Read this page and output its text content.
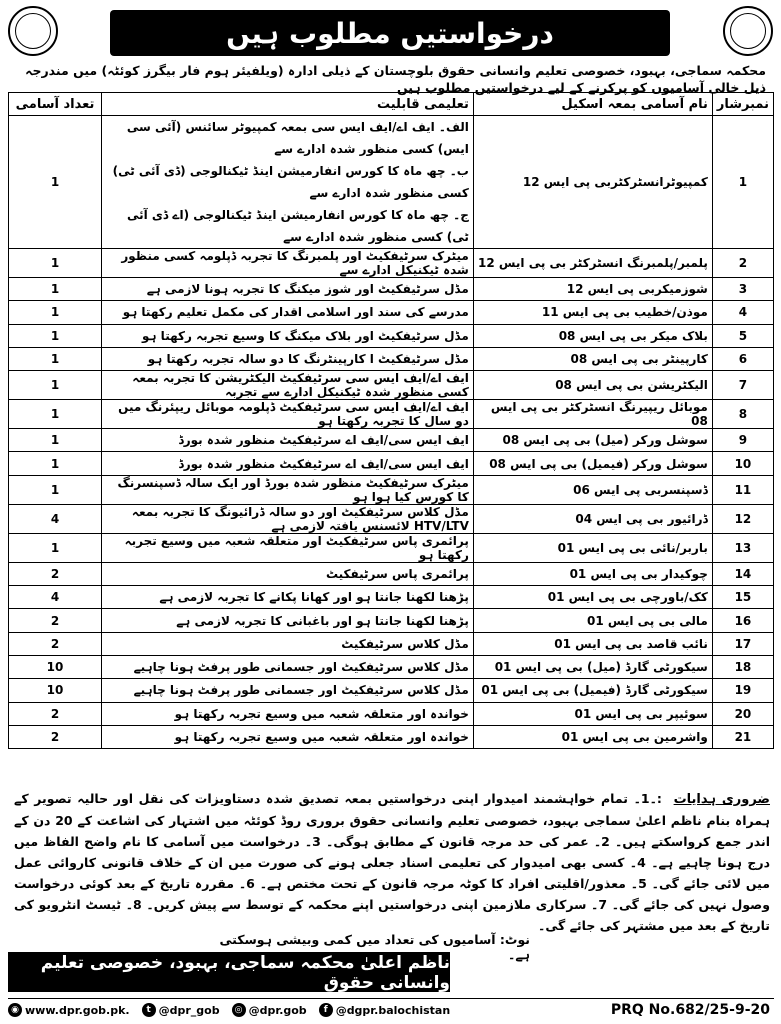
درخواستیں مطلوب ہیں
محکمہ سماجی، بہبود، خصوصی تعلیم وانسانی حقوق بلوچستان کے ذیلی ادارہ (ویلفیئر ہوم فار بیگرز کوئٹہ) میں مندرجہ ذیل خالی آسامیوں کو پرکرنے کے لیے درخواستیں مطلوب ہیں
نمبرشار	نام آسامی بمعہ اسکیل	تعلیمی قابلیت	تعداد آسامی
1	کمپیوٹرانسٹرکٹربی پی ایس 12	الف۔ ایف اے/ایف ایس سی بمعہ کمپیوٹر سائنس (آئی سی ایس) کسی منظور شدہ ادارے سے
ب۔ چھ ماہ کا کورس انفارمیشن اینڈ ٹیکنالوجی (ڈی آئی ٹی) کسی منظور شدہ ادارے سے
ج۔ چھ ماہ کا کورس انفارمیشن اینڈ ٹیکنالوجی (اے ڈی آئی ٹی) کسی منظور شدہ ادارے سے	1
2	پلمبر/پلمبرنگ انسٹرکٹر بی پی ایس 12	میٹرک سرٹیفکیٹ اور پلمبرنگ کا تجربہ ڈپلومہ کسی منظور شدہ ٹیکنیکل ادارے سے	1
3	شوزمیکربی پی ایس 12	مڈل سرٹیفکیٹ اور شوز میکنگ کا تجربہ ہونا لازمی ہے	1
4	موذن/خطیب بی پی ایس 11	مدرسے کی سند اور اسلامی اقدار کی مکمل تعلیم رکھتا ہو	1
5	بلاک میکر بی پی ایس 08	مڈل سرٹیفکیٹ اور بلاک میکنگ کا وسیع تجربہ رکھتا ہو	1
6	کارپینٹر بی پی ایس 08	مڈل سرٹیفکیٹ ا کارپینٹرنگ کا دو سالہ تجربہ رکھتا ہو	1
7	الیکٹریشن بی پی ایس 08	ایف اے/ایف ایس سی سرٹیفکیٹ الیکٹریشن کا تجربہ بمعہ کسی منظور شدہ ٹیکنیکل ادارے سے تجربہ	1
8	موبائل ریپیرنگ انسٹرکٹر بی پی ایس 08	ایف اے/ایف ایس سی سرٹیفکیٹ ڈپلومہ موبائل ریپئرنگ میں دو سال کا تجربہ رکھتا ہو	1
9	سوشل ورکر (میل) بی پی ایس 08	ایف ایس سی/ایف اے سرٹیفکیٹ منظور شدہ بورڈ	1
10	سوشل ورکر (فیمیل) بی پی ایس 08	ایف ایس سی/ایف اے سرٹیفکیٹ منظور شدہ بورڈ	1
11	ڈسپنسربی پی ایس 06	میٹرک سرٹیفکیٹ منظور شدہ بورڈ اور ایک سالہ ڈسپنسرنگ کا کورس کیا ہوا ہو	1
12	ڈرائیور بی پی ایس 04	مڈل کلاس سرٹیفکیٹ اور دو سالہ ڈرائیونگ کا تجربہ بمعہ HTV/LTV لائسنس یافتہ لازمی ہے	4
13	باربر/نائی بی پی ایس 01	پرائمری پاس سرٹیفکیٹ اور متعلقہ شعبہ میں وسیع تجربہ رکھتا ہو	1
14	چوکیدار بی پی ایس 01	پرائمری پاس سرٹیفکیٹ	2
15	کک/باورچی بی پی ایس 01	پڑھنا لکھنا جانتا ہو اور کھانا پکانے کا تجربہ لازمی ہے	4
16	مالی بی پی ایس 01	پڑھنا لکھنا جانتا ہو اور باغبانی کا تجربہ لازمی ہے	2
17	نائب قاصد بی پی ایس 01	مڈل کلاس سرٹیفکیٹ	2
18	سیکورٹی گارڈ (میل) بی پی ایس 01	مڈل کلاس سرٹیفکیٹ اور جسمانی طور پرفٹ ہونا چاہیے	10
19	سیکورٹی گارڈ (فیمیل) بی پی ایس 01	مڈل کلاس سرٹیفکیٹ اور جسمانی طور پرفٹ ہونا چاہیے	10
20	سوئیپر بی پی ایس 01	خواندہ اور متعلقہ شعبہ میں وسیع تجربہ رکھتا ہو	2
21	واشرمین بی پی ایس 01	خواندہ اور متعلقہ شعبہ میں وسیع تجربہ رکھتا ہو	2
ضروری ہدایات :۔1۔ تمام خواہشمند امیدوار اپنی درخواستیں بمعہ تصدیق شدہ دستاویزات کی نقل اور حالیہ تصویر کے ہمراہ بنام ناظم اعلیٰ سماجی بہبود، خصوصی تعلیم وانسانی حقوق بروری روڈ کوئٹہ میں اشتہار کی اشاعت کے 20 دن کے اندر جمع کرواسکتے ہیں۔ 2۔ عمر کی حد مرجہ قانون کے مطابق ہوگی۔ 3۔ درخواست میں آسامی کا نام واضح الفاظ میں درج ہونا چاہیے ہے۔ 4۔ کسی بھی امیدوار کی تعلیمی اسناد جعلی ہونے کی صورت میں ان کے خلاف قانونی کاروائی عمل میں لائی جائے گی۔ 5۔ معذور/اقلیتی افراد کا کوٹہ مرجہ قانون کے تحت مختص ہے۔ 6۔ مقررہ تاریخ کے بعد کوئی درخواست وصول نہیں کی جائے گی۔ 7۔ سرکاری ملازمین اپنی درخواستیں اپنے محکمہ کے توسط سے پیش کریں۔ 8۔ ٹیسٹ انٹرویو کی تاریخ کے بعد میں مشتہر کی جائے گی۔
نوٹ: آسامیوں کی تعداد میں کمی وبیشی ہوسکتی ہے۔
ناظم اعلیٰ محکمہ سماجی، بہبود، خصوصی تعلیم وانسانی حقوق
◉ www.dpr.gob.pk.	t @dpr_gob	◎ @dpr.gob	f @dgpr.balochistan	PRQ No.682/25-9-20
